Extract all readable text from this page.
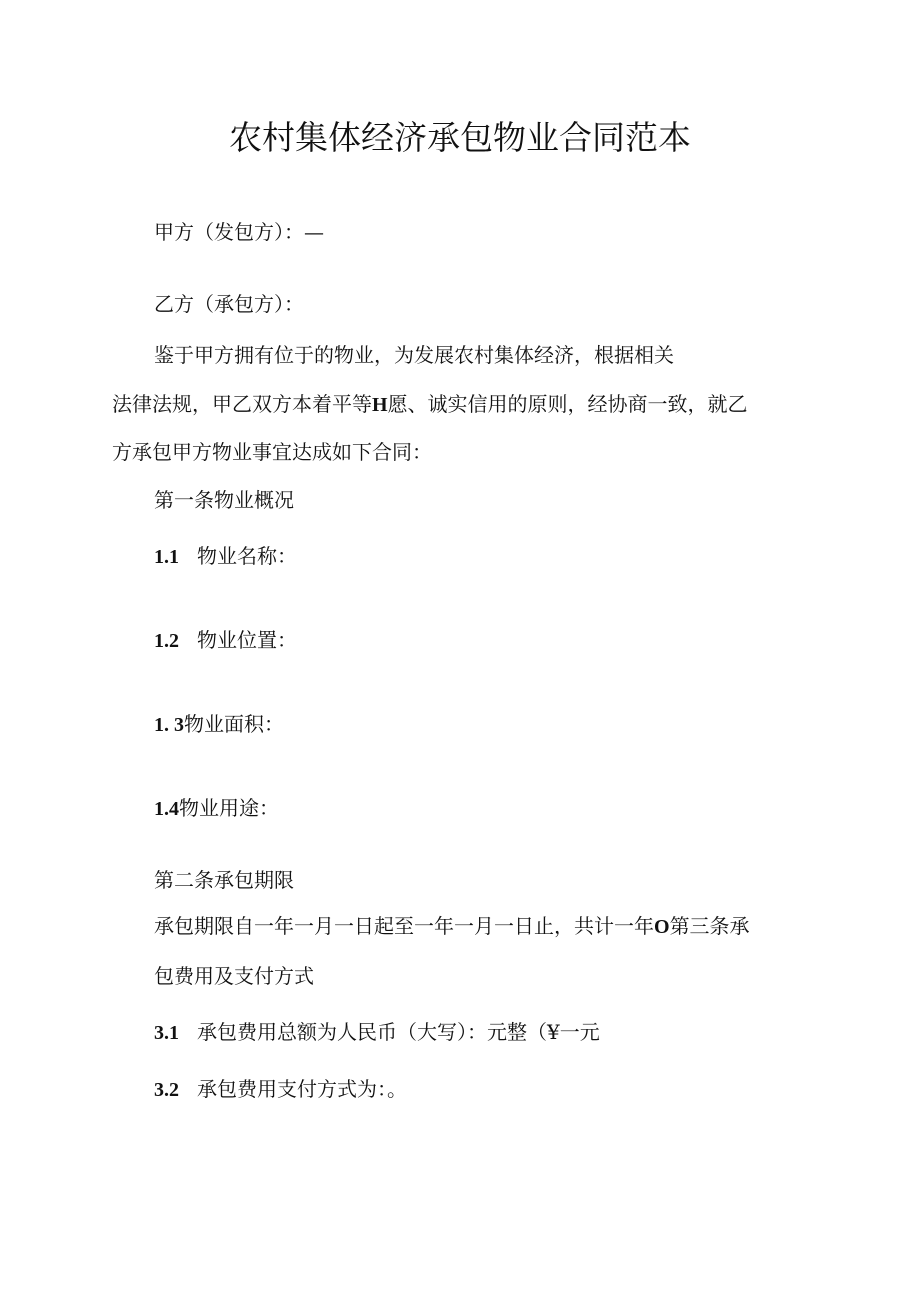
农村集体经济承包物业合同范本

甲方（发包方）：—

乙方（承包方）：

鉴于甲方拥有位于的物业，为发展农村集体经济，根据相关

法律法规，甲乙双方本着平等H愿、诚实信用的原则，经协商一致，就乙

方承包甲方物业事宜达成如下合同：

第一条物业概况

1.1 物业名称：

1.2 物业位置：

1. 3物业面积：

1.4物业用途：

第二条承包期限

承包期限自一年一月一日起至一年一月一日止，共计一年O第三条承

包费用及支付方式

3.1 承包费用总额为人民币（大写）：元整（¥一元

3.2 承包费用支付方式为：。
